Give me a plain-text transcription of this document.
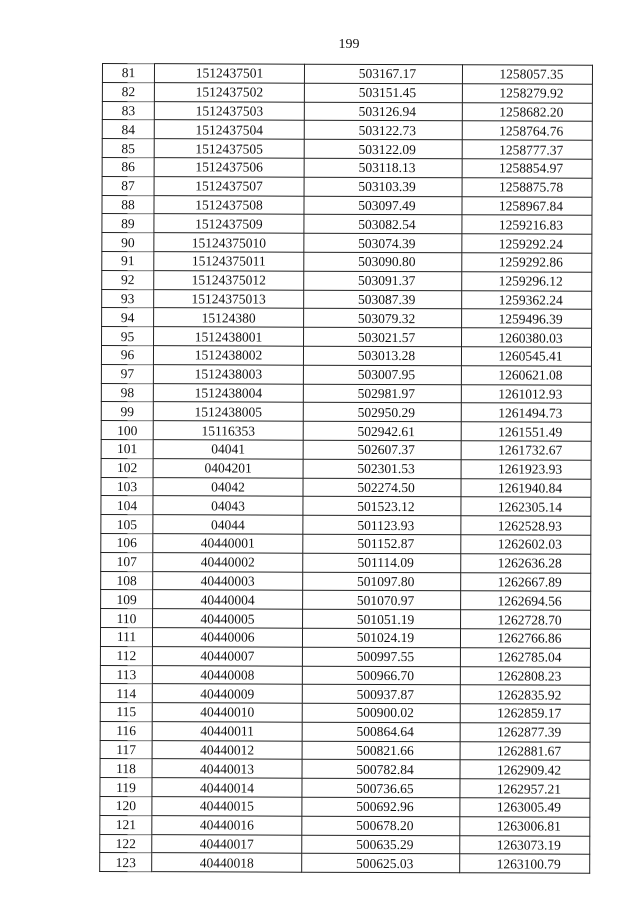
199
81	1512437501	503167.17	1258057.35
82	1512437502	503151.45	1258279.92
83	1512437503	503126.94	1258682.20
84	1512437504	503122.73	1258764.76
85	1512437505	503122.09	1258777.37
86	1512437506	503118.13	1258854.97
87	1512437507	503103.39	1258875.78
88	1512437508	503097.49	1258967.84
89	1512437509	503082.54	1259216.83
90	15124375010	503074.39	1259292.24
91	15124375011	503090.80	1259292.86
92	15124375012	503091.37	1259296.12
93	15124375013	503087.39	1259362.24
94	15124380	503079.32	1259496.39
95	1512438001	503021.57	1260380.03
96	1512438002	503013.28	1260545.41
97	1512438003	503007.95	1260621.08
98	1512438004	502981.97	1261012.93
99	1512438005	502950.29	1261494.73
100	15116353	502942.61	1261551.49
101	04041	502607.37	1261732.67
102	0404201	502301.53	1261923.93
103	04042	502274.50	1261940.84
104	04043	501523.12	1262305.14
105	04044	501123.93	1262528.93
106	40440001	501152.87	1262602.03
107	40440002	501114.09	1262636.28
108	40440003	501097.80	1262667.89
109	40440004	501070.97	1262694.56
110	40440005	501051.19	1262728.70
111	40440006	501024.19	1262766.86
112	40440007	500997.55	1262785.04
113	40440008	500966.70	1262808.23
114	40440009	500937.87	1262835.92
115	40440010	500900.02	1262859.17
116	40440011	500864.64	1262877.39
117	40440012	500821.66	1262881.67
118	40440013	500782.84	1262909.42
119	40440014	500736.65	1262957.21
120	40440015	500692.96	1263005.49
121	40440016	500678.20	1263006.81
122	40440017	500635.29	1263073.19
123	40440018	500625.03	1263100.79
